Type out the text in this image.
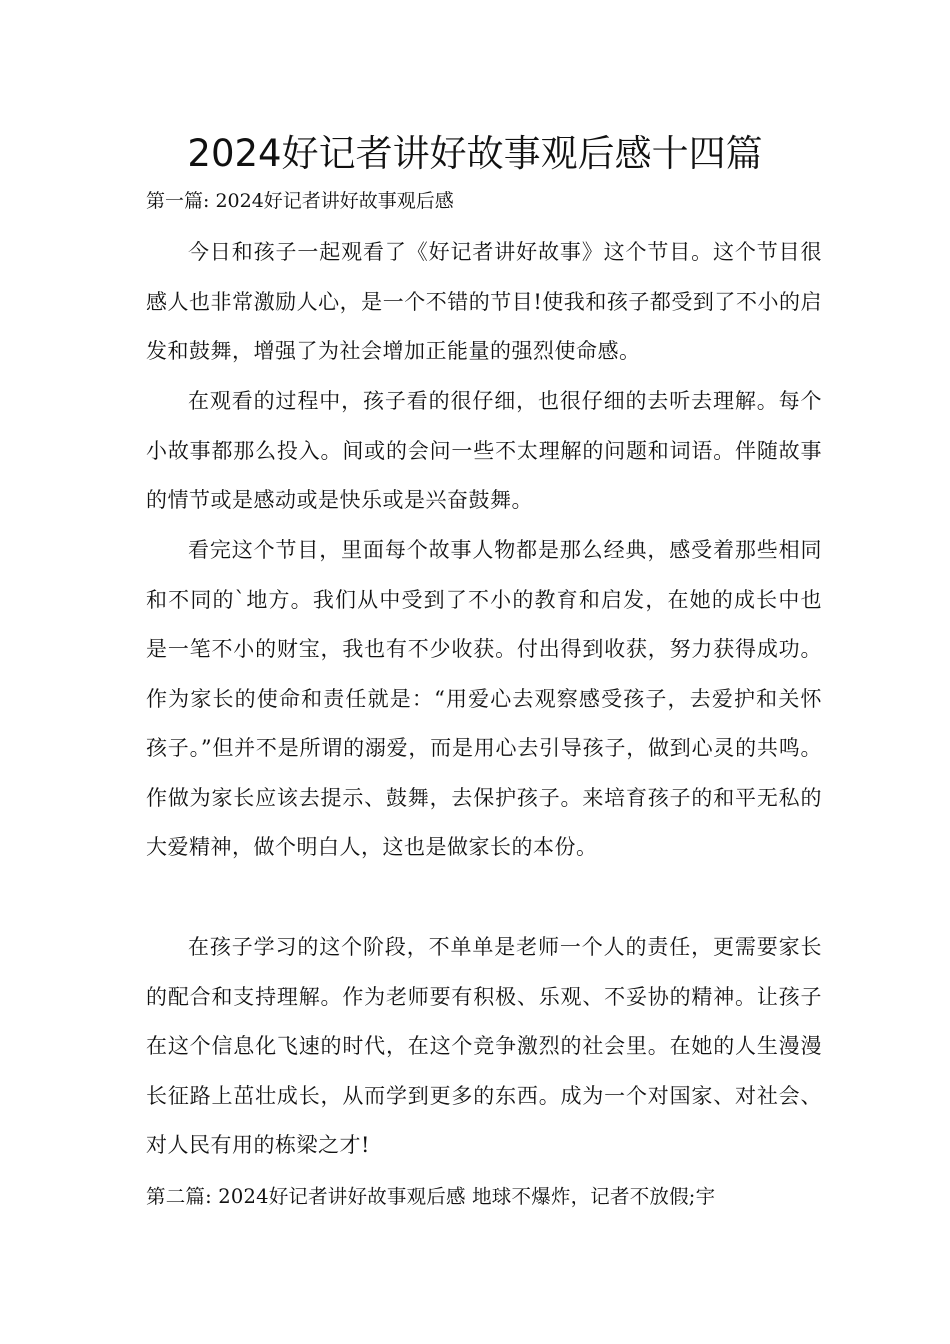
2024好记者讲好故事观后感十四篇
第一篇: 2024好记者讲好故事观后感

今日和孩子一起观看了《好记者讲好故事》这个节目。这个节目很感人也非常激励人心，是一个不错的节目!使我和孩子都受到了不小的启发和鼓舞，增强了为社会增加正能量的强烈使命感。

在观看的过程中，孩子看的很仔细，也很仔细的去听去理解。每个小故事都那么投入。间或的会问一些不太理解的问题和词语。伴随故事的情节或是感动或是快乐或是兴奋鼓舞。

看完这个节目，里面每个故事人物都是那么经典，感受着那些相同和不同的`地方。我们从中受到了不小的教育和启发，在她的成长中也是一笔不小的财宝，我也有不少收获。付出得到收获，努力获得成功。作为家长的使命和责任就是：“用爱心去观察感受孩子，去爱护和关怀孩子。”但并不是所谓的溺爱，而是用心去引导孩子，做到心灵的共鸣。作做为家长应该去提示、鼓舞，去保护孩子。来培育孩子的和平无私的大爱精神，做个明白人，这也是做家长的本份。

在孩子学习的这个阶段，不单单是老师一个人的责任，更需要家长的配合和支持理解。作为老师要有积极、乐观、不妥协的精神。让孩子在这个信息化飞速的时代，在这个竞争激烈的社会里。在她的人生漫漫长征路上茁壮成长，从而学到更多的东西。成为一个对国家、对社会、对人民有用的栋梁之才!

第二篇: 2024好记者讲好故事观后感 地球不爆炸，记者不放假;宇
